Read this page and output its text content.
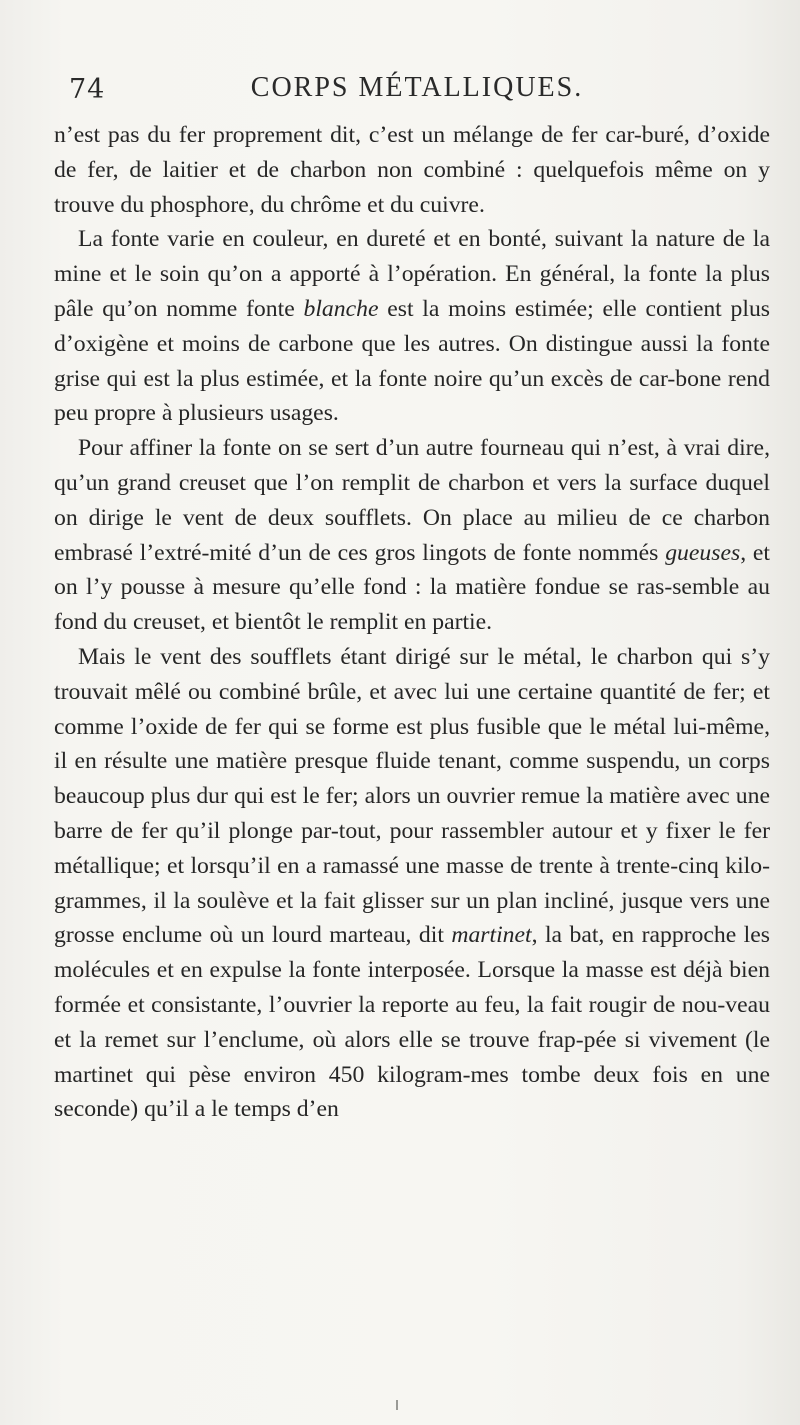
74	CORPS MÉTALLIQUES.

n’est pas du fer proprement dit, c’est un mélange de fer car-buré, d’oxide de fer, de laitier et de charbon non combiné : quelquefois même on y trouve du phosphore, du chrôme et du cuivre.

La fonte varie en couleur, en dureté et en bonté, suivant la nature de la mine et le soin qu’on a apporté à l’opération. En général, la fonte la plus pâle qu’on nomme fonte blanche est la moins estimée; elle contient plus d’oxigène et moins de carbone que les autres. On distingue aussi la fonte grise qui est la plus estimée, et la fonte noire qu’un excès de car-bone rend peu propre à plusieurs usages.

Pour affiner la fonte on se sert d’un autre fourneau qui n’est, à vrai dire, qu’un grand creuset que l’on remplit de charbon et vers la surface duquel on dirige le vent de deux soufflets. On place au milieu de ce charbon embrasé l’extré-mité d’un de ces gros lingots de fonte nommés gueuses, et on l’y pousse à mesure qu’elle fond : la matière fondue se ras-semble au fond du creuset, et bientôt le remplit en partie.

Mais le vent des soufflets étant dirigé sur le métal, le charbon qui s’y trouvait mêlé ou combiné brûle, et avec lui une certaine quantité de fer; et comme l’oxide de fer qui se forme est plus fusible que le métal lui-même, il en résulte une matière presque fluide tenant, comme suspendu, un corps beaucoup plus dur qui est le fer; alors un ouvrier remue la matière avec une barre de fer qu’il plonge par-tout, pour rassembler autour et y fixer le fer métallique; et lorsqu’il en a ramassé une masse de trente à trente-cinq kilo-grammes, il la soulève et la fait glisser sur un plan incliné, jusque vers une grosse enclume où un lourd marteau, dit martinet, la bat, en rapproche les molécules et en expulse la fonte interposée. Lorsque la masse est déjà bien formée et consistante, l’ouvrier la reporte au feu, la fait rougir de nou-veau et la remet sur l’enclume, où alors elle se trouve frap-pée si vivement (le martinet qui pèse environ 450 kilogram-mes tombe deux fois en une seconde) qu’il a le temps d’en
